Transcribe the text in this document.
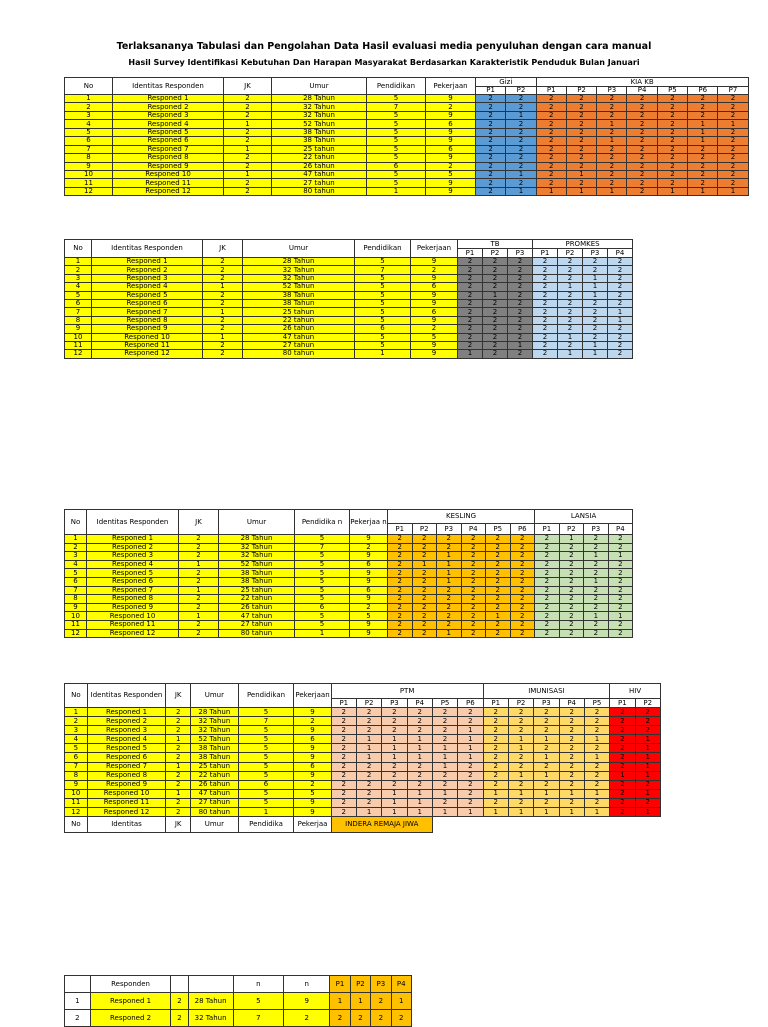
Terlaksananya Tabulasi dan Pengolahan Data Hasil evaluasi media penyuluhan dengan cara manual
Hasil Survey Identifikasi Kebutuhan Dan Harapan Masyarakat Berdasarkan Karakteristik Penduduk Bulan Januari
No	Identitas Responden	JK	Umur	Pendidikan	Pekerjaan	Gizi		KIA KB						
						P1	P2	P1	P2	P3	P4	P5	P6	P7
1	Responed 1	2	28 Tahun	5	9	2	2	2	2	2	2	2	2	2
2	Responed 2	2	32 Tahun	7	2	2	2	2	2	2	2	2	2	2
3	Responed 3	2	32 Tahun	5	9	2	1	2	2	2	2	2	2	2
4	Responed 4	1	52 Tahun	5	6	2	2	2	2	1	2	2	1	1
5	Responed 5	2	38 Tahun	5	9	2	2	2	2	2	2	2	1	2
6	Responed 6	2	38 Tahun	5	9	2	2	2	2	1	2	2	1	2
7	Responed 7	1	25 tahun	5	6	2	2	2	2	2	2	2	2	2
8	Responed 8	2	22 tahun	5	9	2	2	2	2	2	2	2	2	2
9	Responed 9	2	26 tahun	6	2	2	2	2	2	2	2	2	2	2
10	Responed 10	1	47 tahun	5	5	2	1	2	1	2	2	2	2	2
11	Responed 11	2	27 tahun	5	9	2	2	2	2	2	2	2	2	2
12	Responed 12	2	80 tahun	1	9	2	1	1	1	1	2	1	1	1
No	Identitas Responden	JK	Umur	Pendidikan	Pekerjaan	TB			PROMKES			
						P1	P2	P3	P1	P2	P3	P4
1	Responed 1	2	28 Tahun	5	9	2	2	2	2	2	2	2
2	Responed 2	2	32 Tahun	7	2	2	2	2	2	2	2	2
3	Responed 3	2	32 Tahun	5	9	2	2	2	2	2	1	2
4	Responed 4	1	52 Tahun	5	6	2	2	2	2	1	1	2
5	Responed 5	2	38 Tahun	5	9	2	1	2	2	2	1	2
6	Responed 6	2	38 Tahun	5	9	2	2	2	2	2	2	2
7	Responed 7	1	25 tahun	5	6	2	2	2	2	2	2	1
8	Responed 8	2	22 tahun	5	9	2	2	2	2	2	2	1
9	Responed 9	2	26 tahun	6	2	2	2	2	2	2	2	2
10	Responed 10	1	47 tahun	5	5	2	2	2	2	1	2	2
11	Responed 11	2	27 tahun	5	9	2	2	1	2	2	1	2
12	Responed 12	2	80 tahun	1	9	1	2	2	2	1	1	2
No	Identitas Responden	JK	Umur	Pendidika n	Pekerjaa n	KESLING						LANSIA			
						P1	P2	P3	P4	P5	P6	P1	P2	P3	P4
1	Responed 1	2	28 Tahun	5	9	2	2	2	2	2	2	2	1	2	2
2	Responed 2	2	32 Tahun	7	2	2	2	2	2	2	2	2	2	2	2
3	Responed 3	2	32 Tahun	5	9	2	2	1	2	2	2	2	2	1	1
4	Responed 4	1	52 Tahun	5	6	2	1	1	2	2	2	2	2	2	2
5	Responed 5	2	38 Tahun	5	9	2	2	1	2	2	2	2	2	2	2
6	Responed 6	2	38 Tahun	5	9	2	2	1	2	2	2	2	2	1	2
7	Responed 7	1	25 tahun	5	6	2	2	2	2	2	2	2	2	2	2
8	Responed 8	2	22 tahun	5	9	2	2	2	2	2	2	2	2	2	2
9	Responed 9	2	26 tahun	6	2	2	2	2	2	2	2	2	2	2	2
10	Responed 10	1	47 tahun	5	5	2	2	2	2	1	2	2	2	1	1
11	Responed 11	2	27 tahun	5	9	2	2	2	2	2	2	2	2	2	2
12	Responed 12	2	80 tahun	1	9	2	2	1	2	2	2	2	2	2	2
No	Identitas Responden	JK	Umur	Pendidikan	Pekerjaan	PTM						IMUNISASI					HIV	
						P1	P2	P3	P4	P5	P6	P1	P2	P3	P4	P5	P1	P2
1	Responed 1	2	28 Tahun	5	9	2	2	2	2	2	2	2	2	2	2	2	2	2
2	Responed 2	2	32 Tahun	7	2	2	2	2	2	2	2	2	2	2	2	2	2	2
3	Responed 3	2	32 Tahun	5	9	2	2	2	2	2	1	2	2	2	2	2	2	2
4	Responed 4	1	52 Tahun	5	6	2	1	1	1	2	1	2	1	1	2	1	2	1
5	Responed 5	2	38 Tahun	5	9	2	1	1	1	1	1	2	1	2	2	2	2	1
6	Responed 6	2	38 Tahun	5	9	2	1	1	1	1	1	2	2	1	2	1	2	1
7	Responed 7	1	25 tahun	5	6	2	2	2	2	1	2	2	2	2	2	2	2	1
8	Responed 8	2	22 tahun	5	9	2	2	2	2	2	2	2	1	1	2	2	1	1
9	Responed 9	2	26 tahun	6	2	2	2	2	2	2	2	2	2	2	2	2	2	2
10	Responed 10	1	47 tahun	5	5	2	2	1	1	1	2	1	1	1	1	1	2	1
11	Responed 11	2	27 tahun	5	9	2	2	1	1	2	2	2	2	2	2	2	2	2
12	Responed 12	2	80 tahun	1	9	2	1	1	1	1	1	1	1	1	1	1	2	1
No	Identitas	JK	Umur	Pendidika	Pekerjaa	INDERA REMAJA JIWA												
	Responden			n	n	P1	P2	P3	P4
1	Responed 1	2	28 Tahun	5	9	1	1	2	1
2	Responed 2	2	32 Tahun	7	2	2	2	2	2
